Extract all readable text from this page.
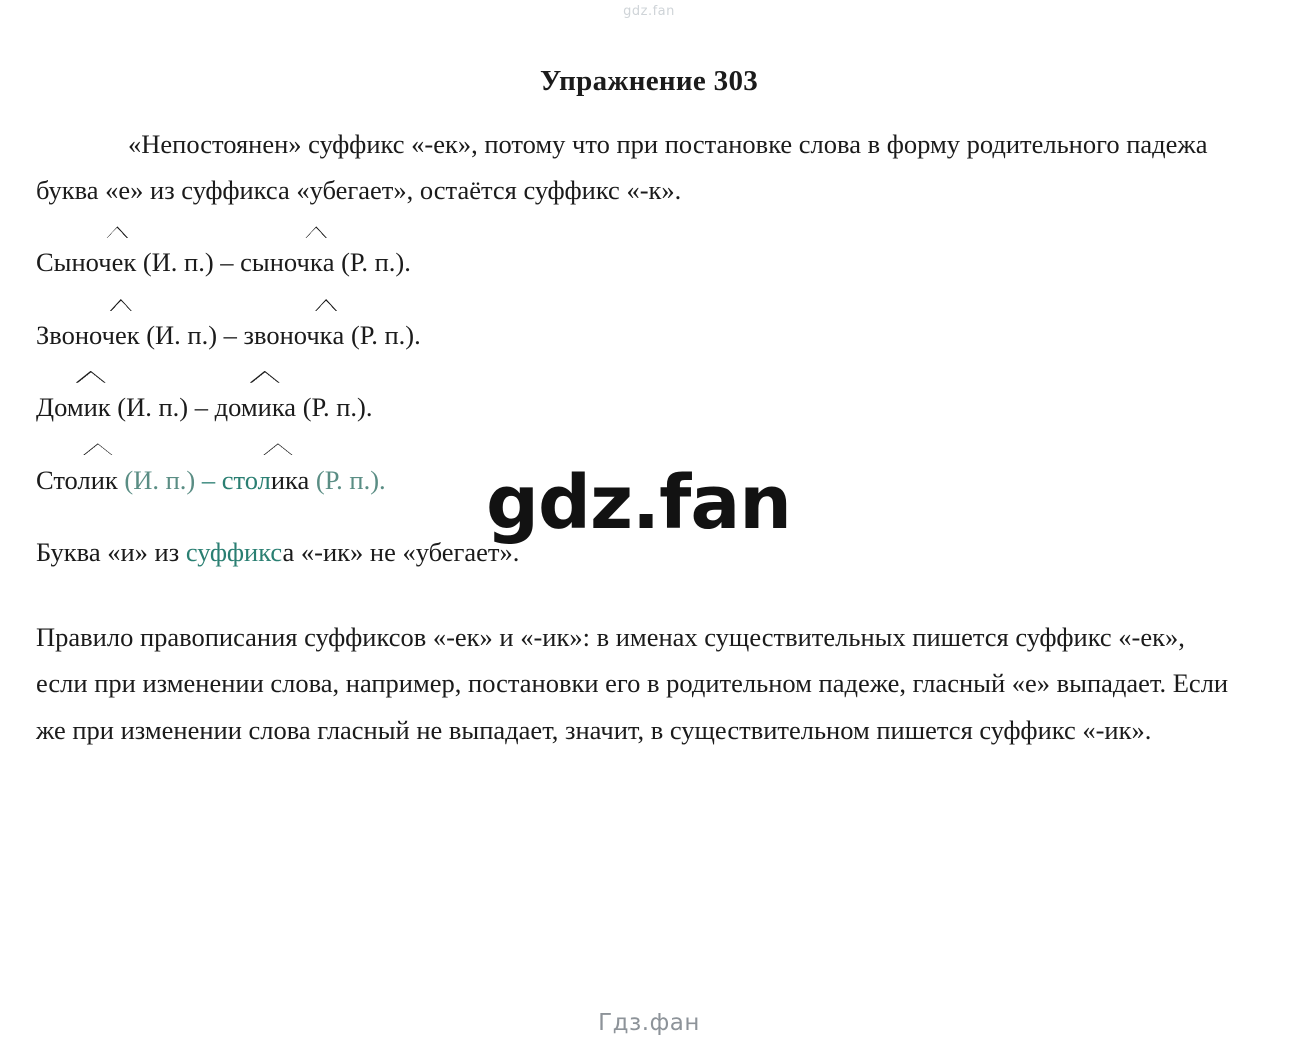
gdz.fan
Упражнение 303

«Непостоянен» суффикс «-ек», потому что при постановке слова в форму родительного падежа буква «е» из суффикса «убегает», остаётся суффикс «-к».

Сыночек (И. п.) – сыночка (Р. п.).

Звоночек (И. п.) – звоночка (Р. п.).

Домик (И. п.) – домика (Р. п.).

Столик (И. п.) – столика (Р. п.).

Буква «и» из суффикса «-ик» не «убегает».

Правило правописания суффиксов «-ек» и «-ик»: в именах существительных пишется суффикс «-ек», если при изменении слова, например, постановки его в родительном падеже, гласный «е» выпадает. Если же при изменении слова гласный не выпадает, значит, в существительном пишется суффикс «-ик».

gdz.fan
Гдз.фан
